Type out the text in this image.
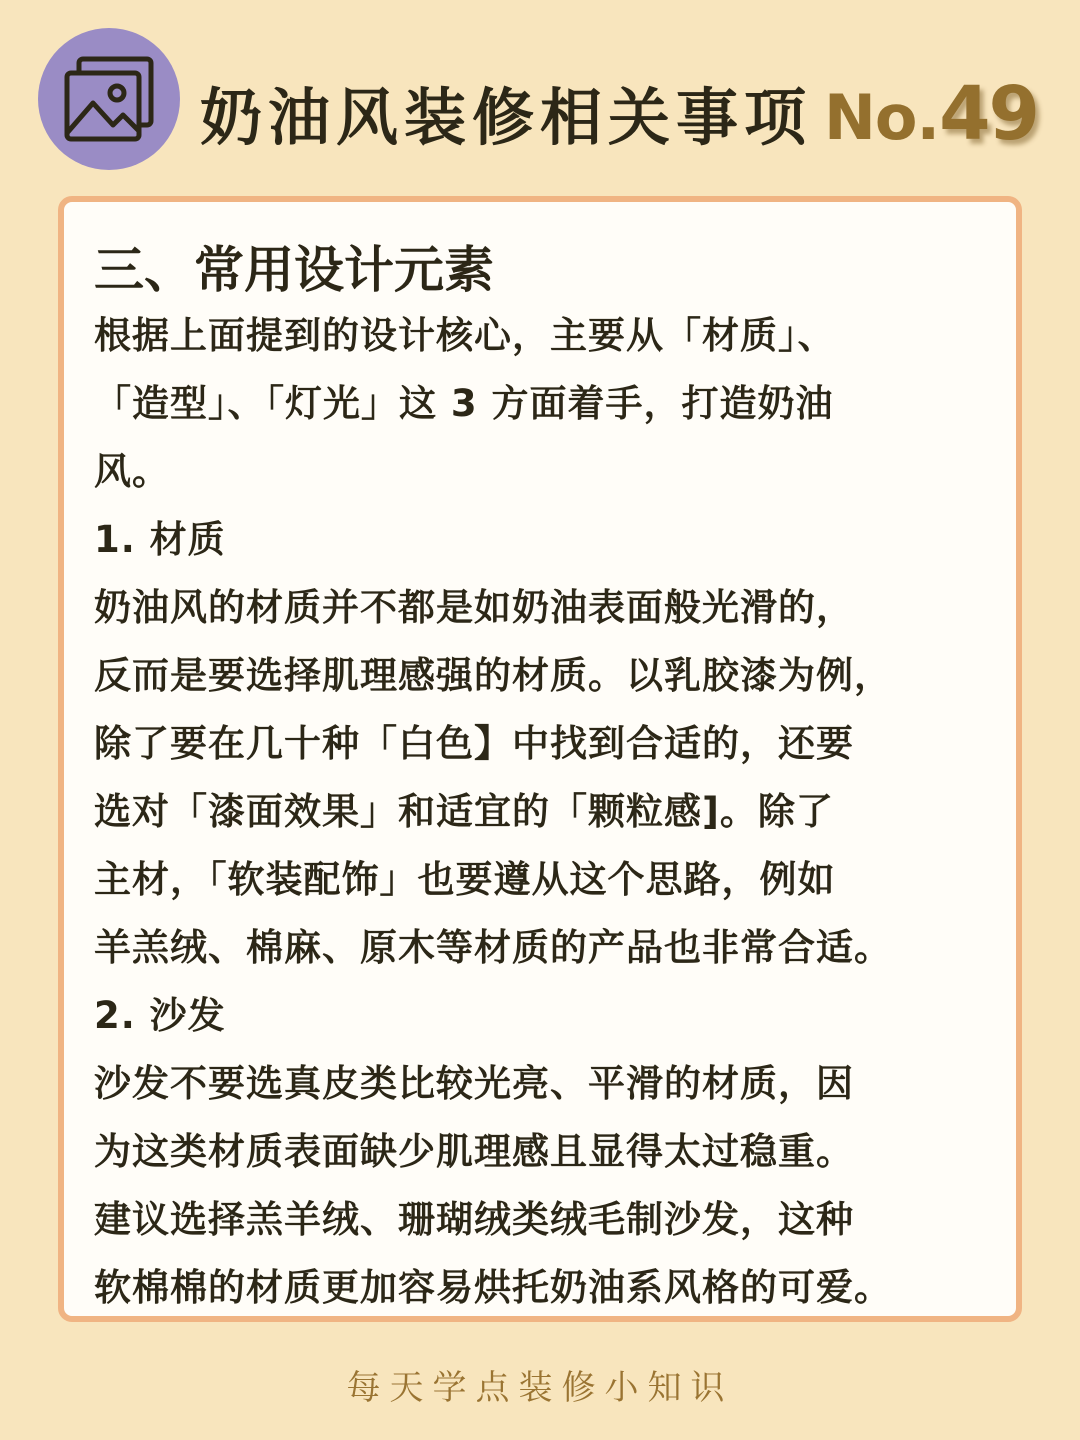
奶油风装修相关事项 No. 49
三、常用设计元素
根据上面提到的设计核心，主要从「材质」、
「造型」、「灯光」这 3 方面着手，打造奶油
风。
1. 材质
奶油风的材质并不都是如奶油表面般光滑的，
反而是要选择肌理感强的材质。以乳胶漆为例，
除了要在几十种「白色】中找到合适的，还要
选对「漆面效果」和适宜的「颗粒感]。除了
主材，「软装配饰」也要遵从这个思路，例如
羊羔绒、棉麻、原木等材质的产品也非常合适。
2. 沙发
沙发不要选真皮类比较光亮、平滑的材质，因
为这类材质表面缺少肌理感且显得太过稳重。
建议选择羔羊绒、珊瑚绒类绒毛制沙发，这种
软棉棉的材质更加容易烘托奶油系风格的可爱。
每天学点装修小知识
